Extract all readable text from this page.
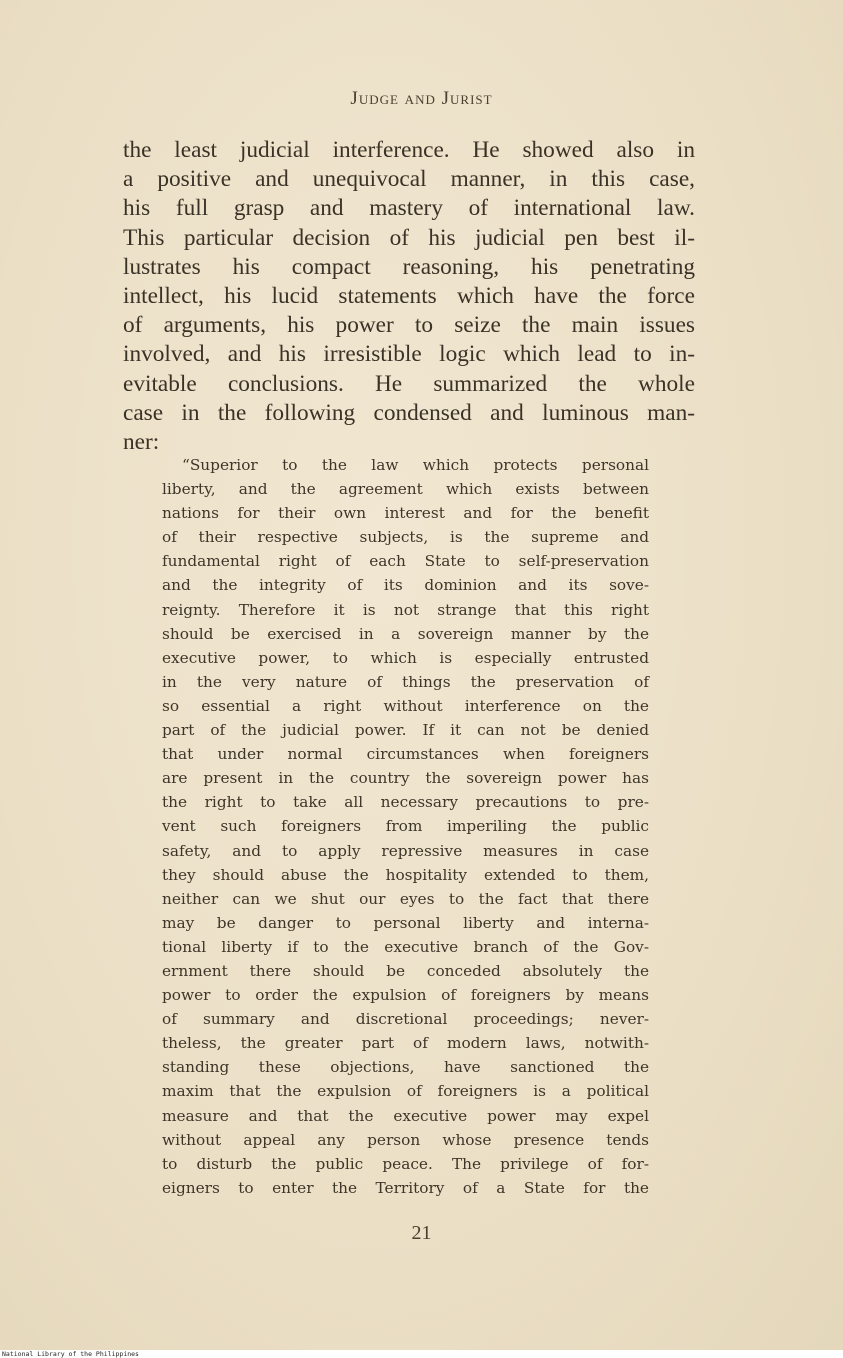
Judge and Jurist

the least judicial interference. He showed also in
a positive and unequivocal manner, in this case,
his full grasp and mastery of international law.
This particular decision of his judicial pen best il-
lustrates his compact reasoning, his penetrating
intellect, his lucid statements which have the force
of arguments, his power to seize the main issues
involved, and his irresistible logic which lead to in-
evitable conclusions. He summarized the whole
case in the following condensed and luminous man-
ner:

“Superior to the law which protects personal
liberty, and the agreement which exists between
nations for their own interest and for the benefit
of their respective subjects, is the supreme and
fundamental right of each State to self-preservation
and the integrity of its dominion and its sove-
reignty. Therefore it is not strange that this right
should be exercised in a sovereign manner by the
executive power, to which is especially entrusted
in the very nature of things the preservation of
so essential a right without interference on the
part of the judicial power. If it can not be denied
that under normal circumstances when foreigners
are present in the country the sovereign power has
the right to take all necessary precautions to pre-
vent such foreigners from imperiling the public
safety, and to apply repressive measures in case
they should abuse the hospitality extended to them,
neither can we shut our eyes to the fact that there
may be danger to personal liberty and interna-
tional liberty if to the executive branch of the Gov-
ernment there should be conceded absolutely the
power to order the expulsion of foreigners by means
of summary and discretional proceedings; never-
theless, the greater part of modern laws, notwith-
standing these objections, have sanctioned the
maxim that the expulsion of foreigners is a political
measure and that the executive power may expel
without appeal any person whose presence tends
to disturb the public peace. The privilege of for-
eigners to enter the Territory of a State for the

21
National Library of the Philippines
